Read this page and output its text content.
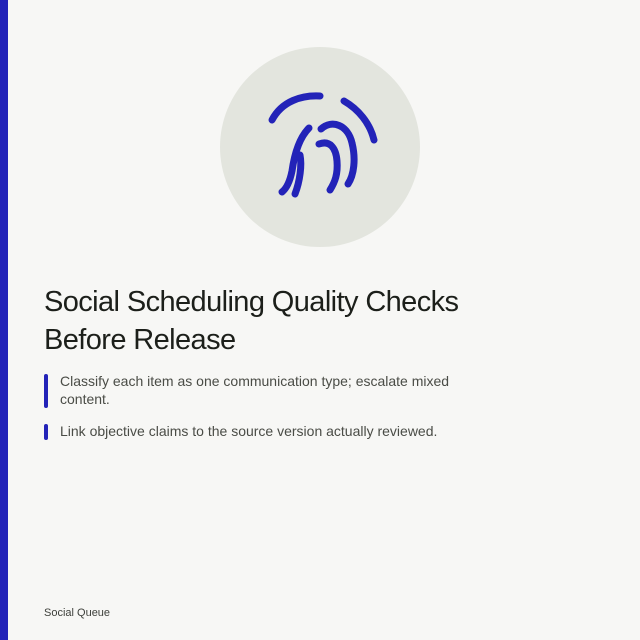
Social Scheduling Quality Checks Before Release
Classify each item as one communication type; escalate mixed content.
Link objective claims to the source version actually reviewed.
Social Queue
